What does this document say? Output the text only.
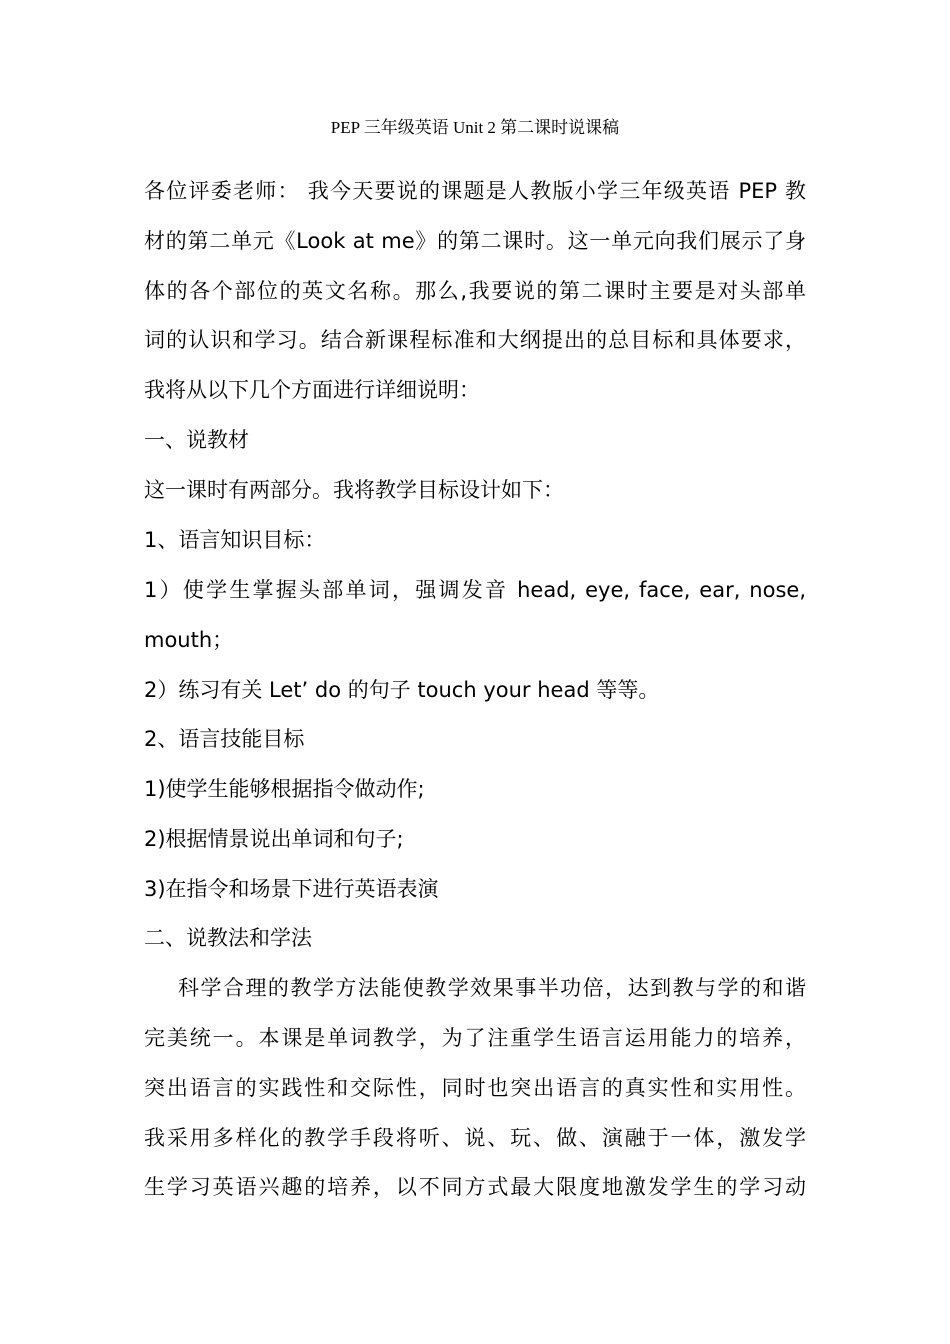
PEP 三年级英语 Unit 2 第二课时说课稿
各位评委老师： 我今天要说的课题是人教版小学三年级英语 PEP 教
材的第二单元《Look at me》的第二课时。这一单元向我们展示了身
体的各个部位的英文名称。那么,我要说的第二课时主要是对头部单
词的认识和学习。结合新课程标准和大纲提出的总目标和具体要求，
我将从以下几个方面进行详细说明：
一、说教材
这一课时有两部分。我将教学目标设计如下：
1、语言知识目标：
1）使学生掌握头部单词，强调发音 head, eye, face, ear, nose,
mouth；
2）练习有关 Let’ do 的句子 touch your head 等等。
2、语言技能目标
1)使学生能够根据指令做动作;
2)根据情景说出单词和句子;
3)在指令和场景下进行英语表演
二、说教法和学法
科学合理的教学方法能使教学效果事半功倍，达到教与学的和谐
完美统一。本课是单词教学，为了注重学生语言运用能力的培养，
突出语言的实践性和交际性，同时也突出语言的真实性和实用性。
我采用多样化的教学手段将听、说、玩、做、演融于一体，激发学
生学习英语兴趣的培养，以不同方式最大限度地激发学生的学习动
